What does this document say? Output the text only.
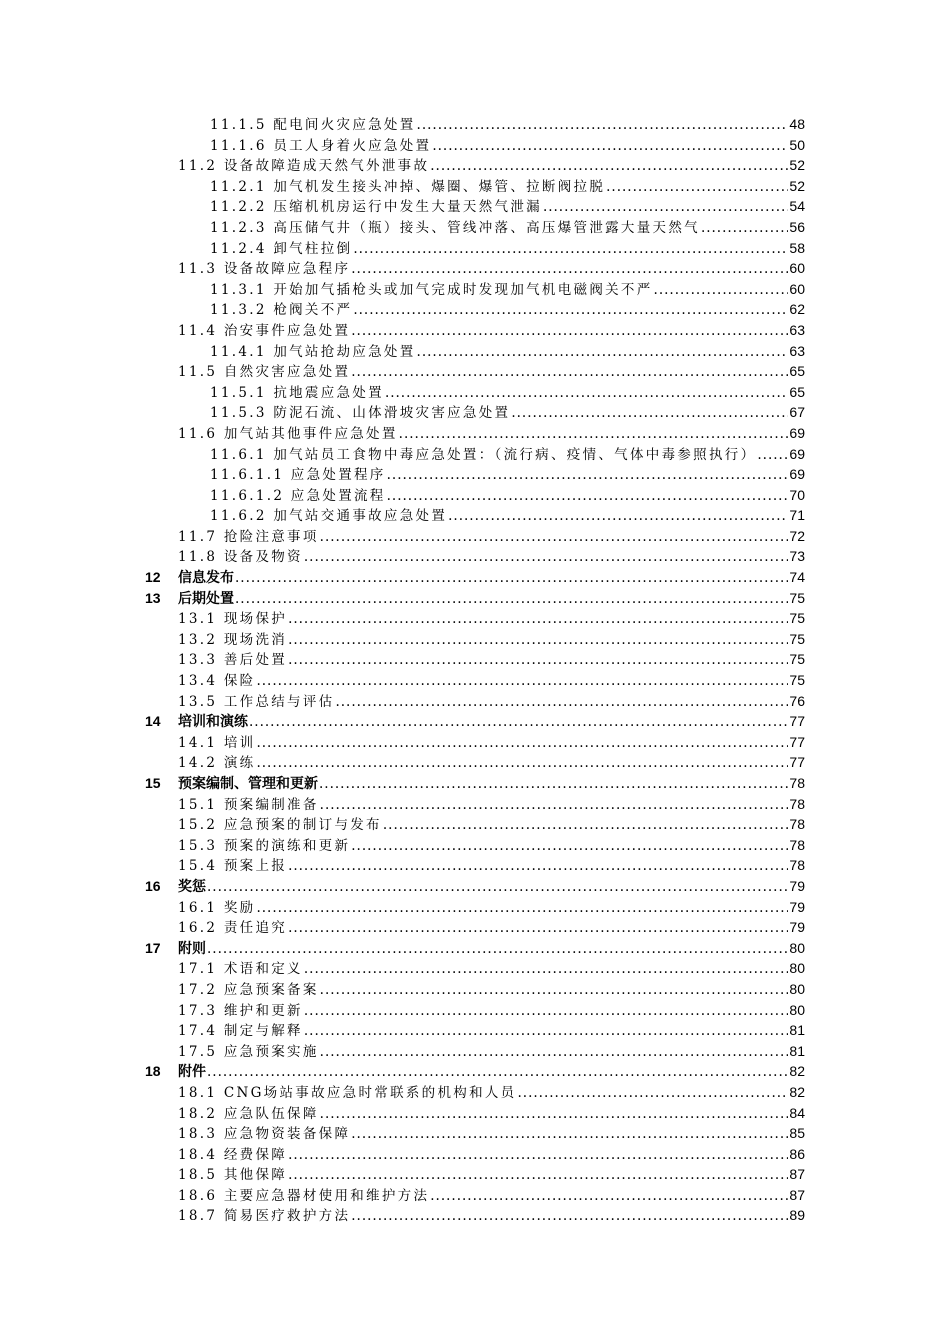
11.1.5 配电间火灾应急处置 .....	48
11.1.6 员工人身着火应急处置 .....	50
11.2 设备故障造成天然气外泄事故 .....	52
11.2.1 加气机发生接头冲掉、爆圈、爆管、拉断阀拉脱 .....	52
11.2.2 压缩机机房运行中发生大量天然气泄漏 .....	54
11.2.3 高压储气井（瓶）接头、管线冲落、高压爆管泄露大量天然气 .....	56
11.2.4 卸气柱拉倒 .....	58
11.3 设备故障应急程序 .....	60
11.3.1 开始加气插枪头或加气完成时发现加气机电磁阀关不严 .....	60
11.3.2 枪阀关不严 .....	62
11.4 治安事件应急处置 .....	63
11.4.1 加气站抢劫应急处置 .....	63
11.5 自然灾害应急处置 .....	65
11.5.1 抗地震应急处置 .....	65
11.5.3 防泥石流、山体滑坡灾害应急处置 .....	67
11.6 加气站其他事件应急处置 .....	69
11.6.1 加气站员工食物中毒应急处置：（流行病、疫情、气体中毒参照执行） ..... 69
11.6.1.1 应急处置程序 .....	69
11.6.1.2 应急处置流程 .....	70
11.6.2 加气站交通事故应急处置 .....	71
11.7 抢险注意事项 .....	72
11.8 设备及物资 .....	73
12 信息发布 .....	74
13 后期处置 .....	75
13.1 现场保护 .....	75
13.2 现场洗消 .....	75
13.3 善后处置 .....	75
13.4 保险 .....	75
13.5 工作总结与评估 .....	76
14 培训和演练 .....	77
14.1 培训 .....	77
14.2 演练 .....	77
15 预案编制、管理和更新 .....	78
15.1 预案编制准备 .....	78
15.2 应急预案的制订与发布 .....	78
15.3 预案的演练和更新 .....	78
15.4 预案上报 .....	78
16 奖惩 .....	79
16.1 奖励 .....	79
16.2 责任追究 .....	79
17 附则 .....	80
17.1 术语和定义 .....	80
17.2 应急预案备案 .....	80
17.3 维护和更新 .....	80
17.4 制定与解释 .....	81
17.5 应急预案实施 .....	81
18 附件 .....	82
18.1 CNG场站事故应急时常联系的机构和人员 .....	82
18.2 应急队伍保障 .....	84
18.3 应急物资装备保障 .....	85
18.4 经费保障 .....	86
18.5 其他保障 .....	87
18.6 主要应急器材使用和维护方法 .....	87
18.7 简易医疗救护方法 .....	89
